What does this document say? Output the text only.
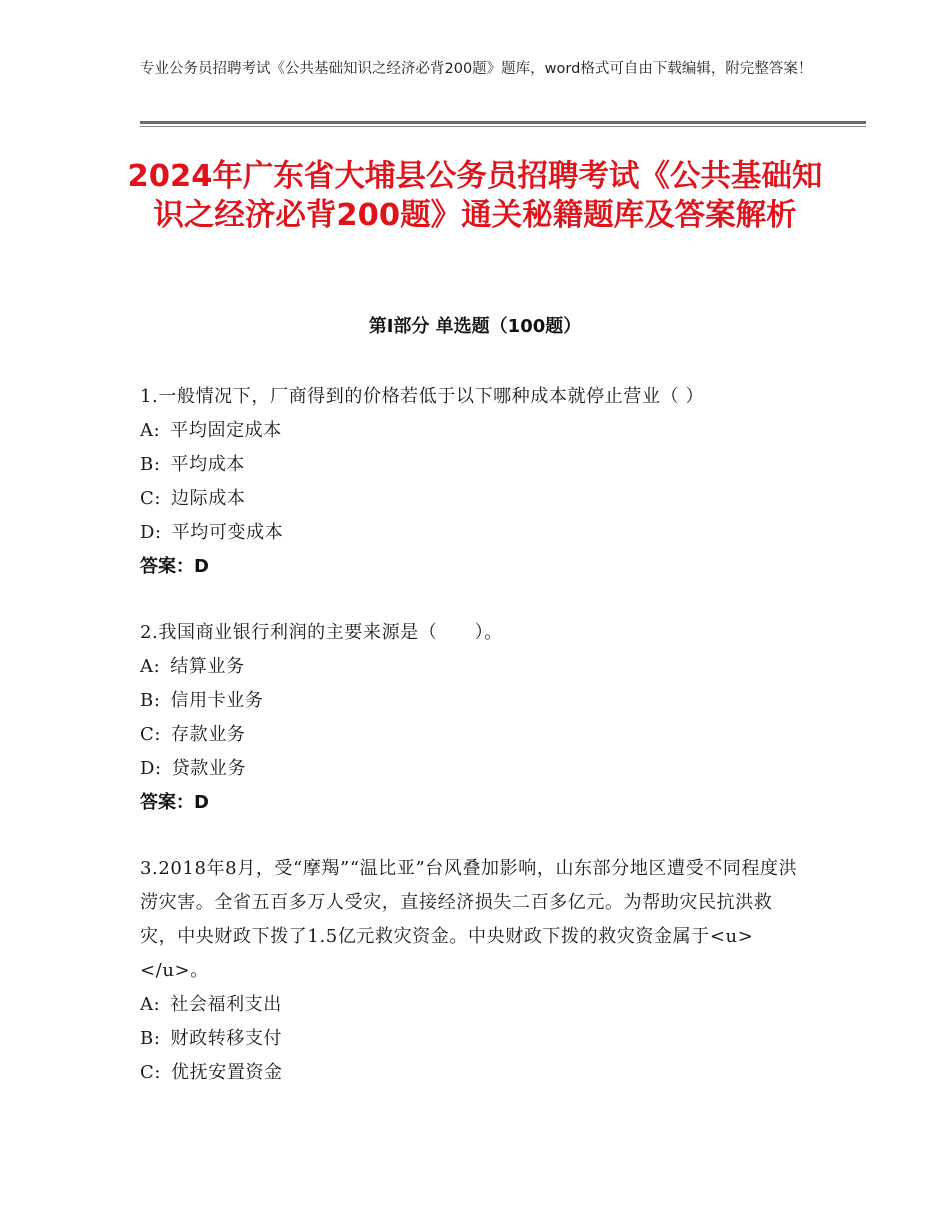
专业公务员招聘考试《公共基础知识之经济必背200题》题库，word格式可自由下载编辑，附完整答案！
2024年广东省大埔县公务员招聘考试《公共基础知识之经济必背200题》通关秘籍题库及答案解析
第Ⅰ部分 单选题（100题）

1.一般情况下，厂商得到的价格若低于以下哪种成本就停止营业（ ）

A: 平均固定成本

B: 平均成本

C: 边际成本

D: 平均可变成本

答案：D

2.我国商业银行利润的主要来源是（　　）。

A: 结算业务

B: 信用卡业务

C: 存款业务

D: 贷款业务

答案：D

3.2018年8月，受“摩羯”“温比亚”台风叠加影响，山东部分地区遭受不同程度洪涝灾害。全省五百多万人受灾，直接经济损失二百多亿元。为帮助灾民抗洪救灾，中央财政下拨了1.5亿元救灾资金。中央财政下拨的救灾资金属于<u>　　</u>。

A: 社会福利支出

B: 财政转移支付

C: 优抚安置资金
